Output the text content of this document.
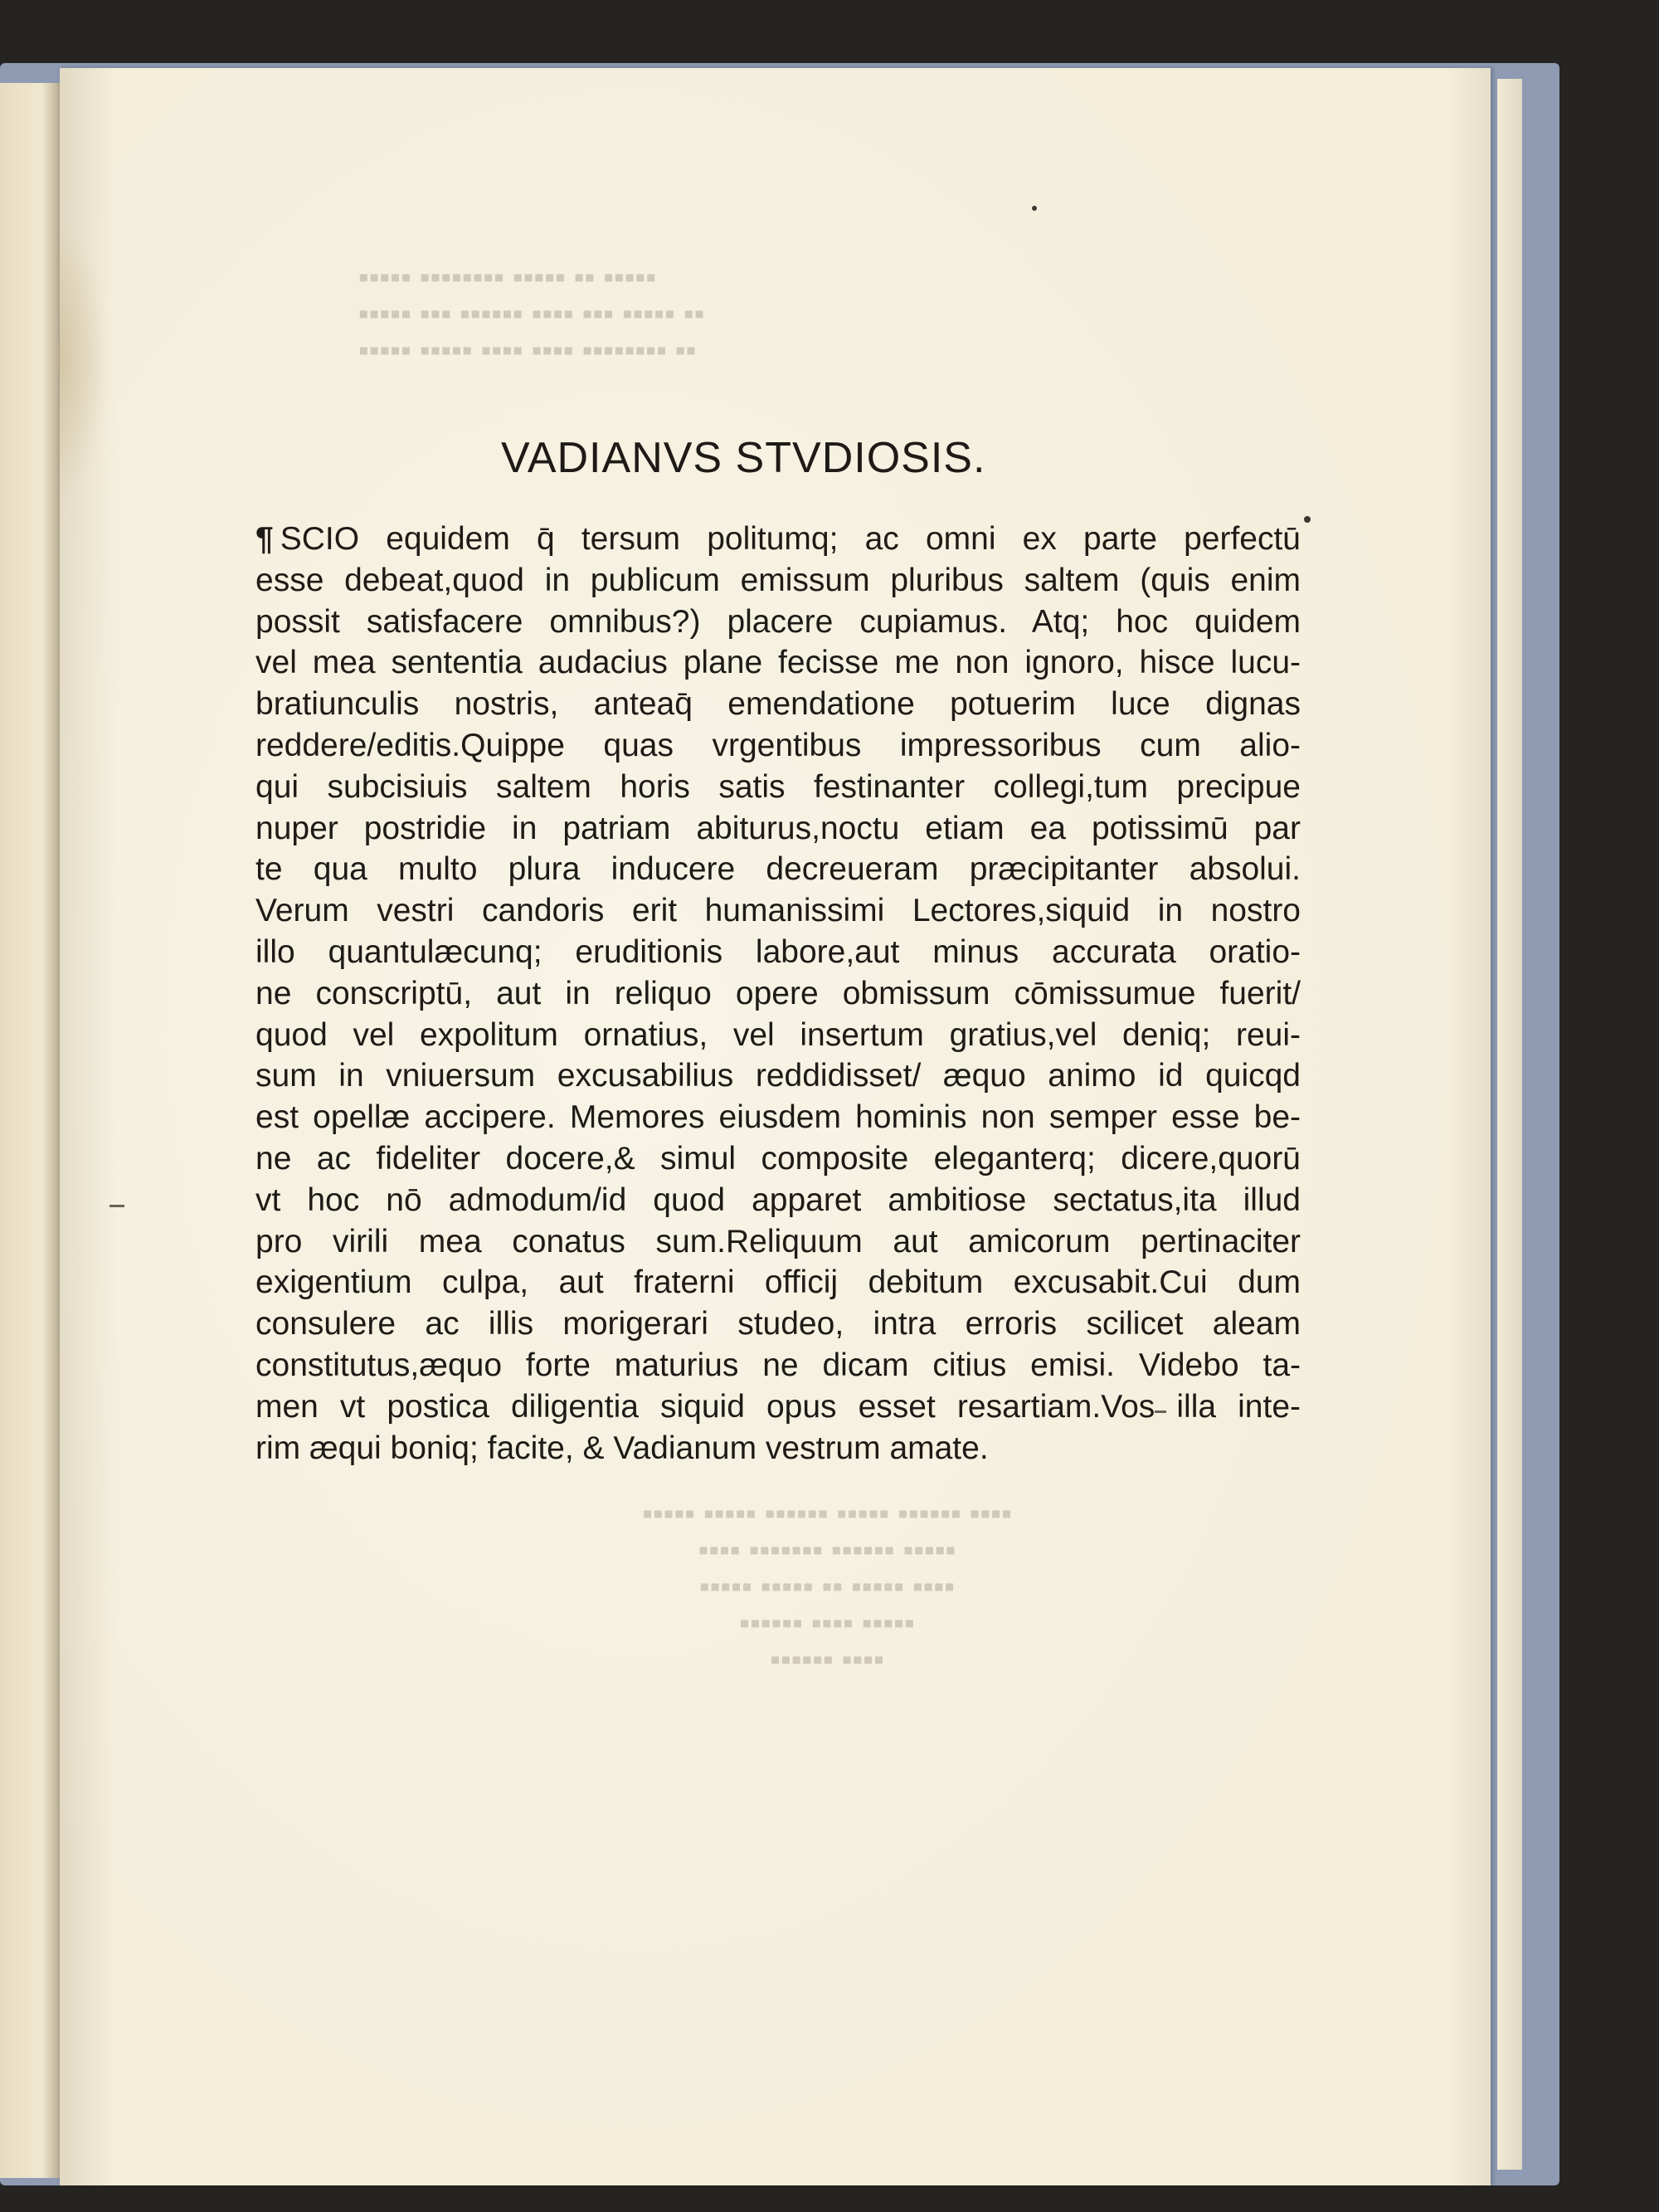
▪▪▪▪▪ ▪▪ ▪▪▪▪▪ ▪▪▪▪▪▪▪▪ ▪▪▪▪▪
▪▪ ▪▪▪▪▪ ▪▪▪ ▪▪▪▪ ▪▪▪▪▪▪ ▪▪▪ ▪▪▪▪▪
▪▪ ▪▪▪▪▪▪▪▪ ▪▪▪▪ ▪▪▪▪ ▪▪▪▪▪ ▪▪▪▪▪
▪▪▪▪ ▪▪▪▪▪▪ ▪▪▪▪▪ ▪▪▪▪▪▪ ▪▪▪▪▪ ▪▪▪▪▪
▪▪▪▪▪ ▪▪▪▪▪▪ ▪▪▪▪▪▪▪ ▪▪▪▪
▪▪▪▪ ▪▪▪▪▪ ▪▪ ▪▪▪▪▪ ▪▪▪▪▪
▪▪▪▪▪ ▪▪▪▪ ▪▪▪▪▪▪
▪▪▪▪ ▪▪▪▪▪▪
VADIANVS STVDIOSIS.
¶ SCIO equidem q̄ tersum politumq; ac omni ex parte perfectū
esse debeat,quod in publicum emissum pluribus saltem (quis enim
possit satisfacere omnibus?) placere cupiamus. Atq; hoc quidem
vel mea sententia audacius plane fecisse me non ignoro, hisce lucu-
bratiunculis nostris, anteaq̄ emendatione potuerim luce dignas
reddere/editis.Quippe quas vrgentibus impressoribus cum alio-
qui subcisiuis saltem horis satis festinanter collegi,tum precipue
nuper postridie in patriam abiturus,noctu etiam ea potissimū par
te qua multo plura inducere decreueram præcipitanter absolui.
Verum vestri candoris erit humanissimi Lectores,siquid in nostro
illo quantulæcunq; eruditionis labore,aut minus accurata oratio-
ne conscriptū, aut in reliquo opere obmissum cōmissumue fuerit/
quod vel expolitum ornatius, vel insertum gratius,vel deniq; reui-
sum in vniuersum excusabilius reddidisset/ æquo animo id quicqd
est opellæ accipere. Memores eiusdem hominis non semper esse be-
ne ac fideliter docere,& simul composite eleganterq; dicere,quorū
vt hoc nō admodum/id quod apparet ambitiose sectatus,ita illud
pro virili mea conatus sum.Reliquum aut amicorum pertinaciter
exigentium culpa, aut fraterni officij debitum excusabit.Cui dum
consulere ac illis morigerari studeo, intra erroris scilicet aleam
constitutus,æquo forte maturius ne dicam citius emisi. Videbo ta-
men vt postica diligentia siquid opus esset resartiam.Vos illa inte-
rim æqui boniq; facite, & Vadianum vestrum amate.
